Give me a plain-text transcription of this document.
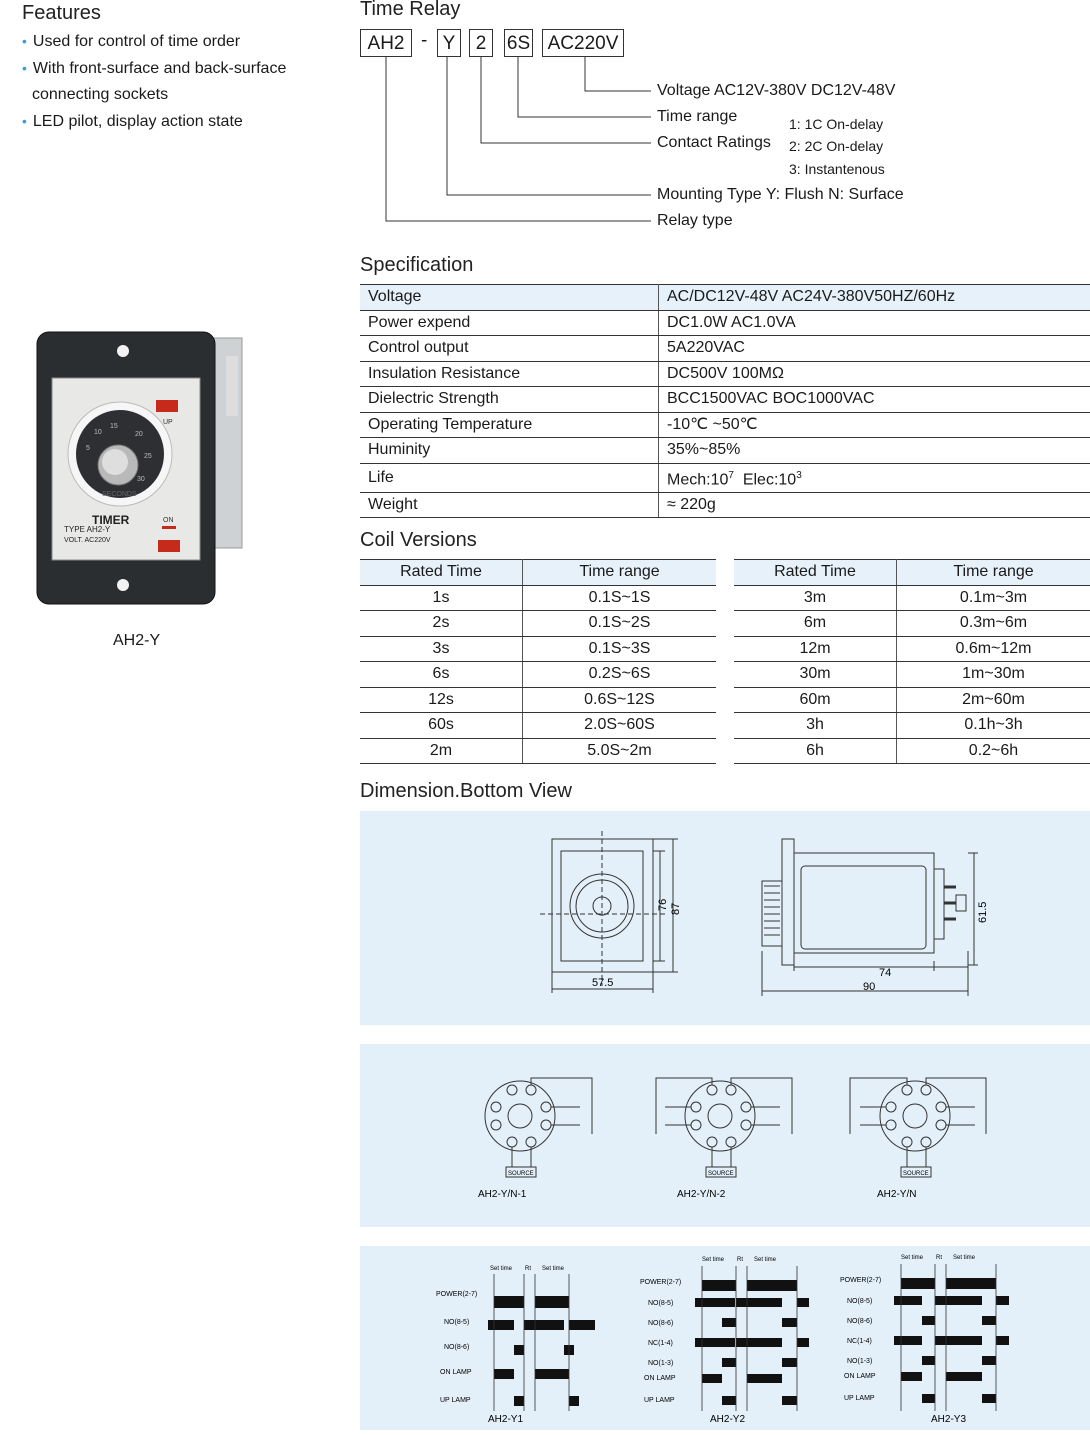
Features
• Used for control of time order
• With front-surface and back-surface
connecting sockets
• LED pilot, display action state
UP
15
20
25
30
10
5
SECONDS
TIMER	ON
TYPE AH2-Y
VOLT. AC220V
AH2-Y
Time Relay
AH2 - Y	2	6S AC220V
Voltage AC12V-380V DC12V-48V
Time range
Contact Ratings
1: 1C On-delay
2: 2C On-delay
3: Instantenous
Mounting Type Y: Flush N: Surface
Relay type
Specification
Voltage	AC/DC12V-48V AC24V-380V50HZ/60Hz
Power expend	DC1.0W AC1.0VA
Control output	5A220VAC
Insulation Resistance	DC500V 100MΩ
Dielectric Strength	BCC1500VAC BOC1000VAC
Operating Temperature	-10℃ ~50℃
Huminity	35%~85%
Life	$Mech:10^7$  $Elec:10^3$
Weight	≈ 220g
Coil Versions
Rated Time	Time range
1s	0.1S~1S
2s	0.1S~2S
3s	0.1S~3S
6s	0.2S~6S
12s	0.6S~12S
60s	2.0S~60S
2m	5.0S~2m
Rated Time	Time range
3m	0.1m~3m
6m	0.3m~6m
12m	0.6m~12m
30m	1m~30m
60m	2m~60m
3h	0.1h~3h
6h	0.2~6h
Dimension.Bottom View
76 87
57.5
61.5
74
90
SOURCE	SOURCE	SOURCE
AH2-Y/N-1	AH2-Y/N-2	AH2-Y/N
Set time Rt Set time
POWER(2-7)
NO(8-5)
NO(8-6)
ON LAMP
UP LAMP
AH2-Y1
Set time Rt Set time
POWER(2-7)
NO(8-5)
NO(8-6)
NC(1-4)
NO(1-3)
ON LAMP
UP LAMP
AH2-Y2
Set time Rt Set time
POWER(2-7)
NO(8-5)
NO(8-6)
NC(1-4)
NO(1-3)
ON LAMP
UP LAMP
AH2-Y3
